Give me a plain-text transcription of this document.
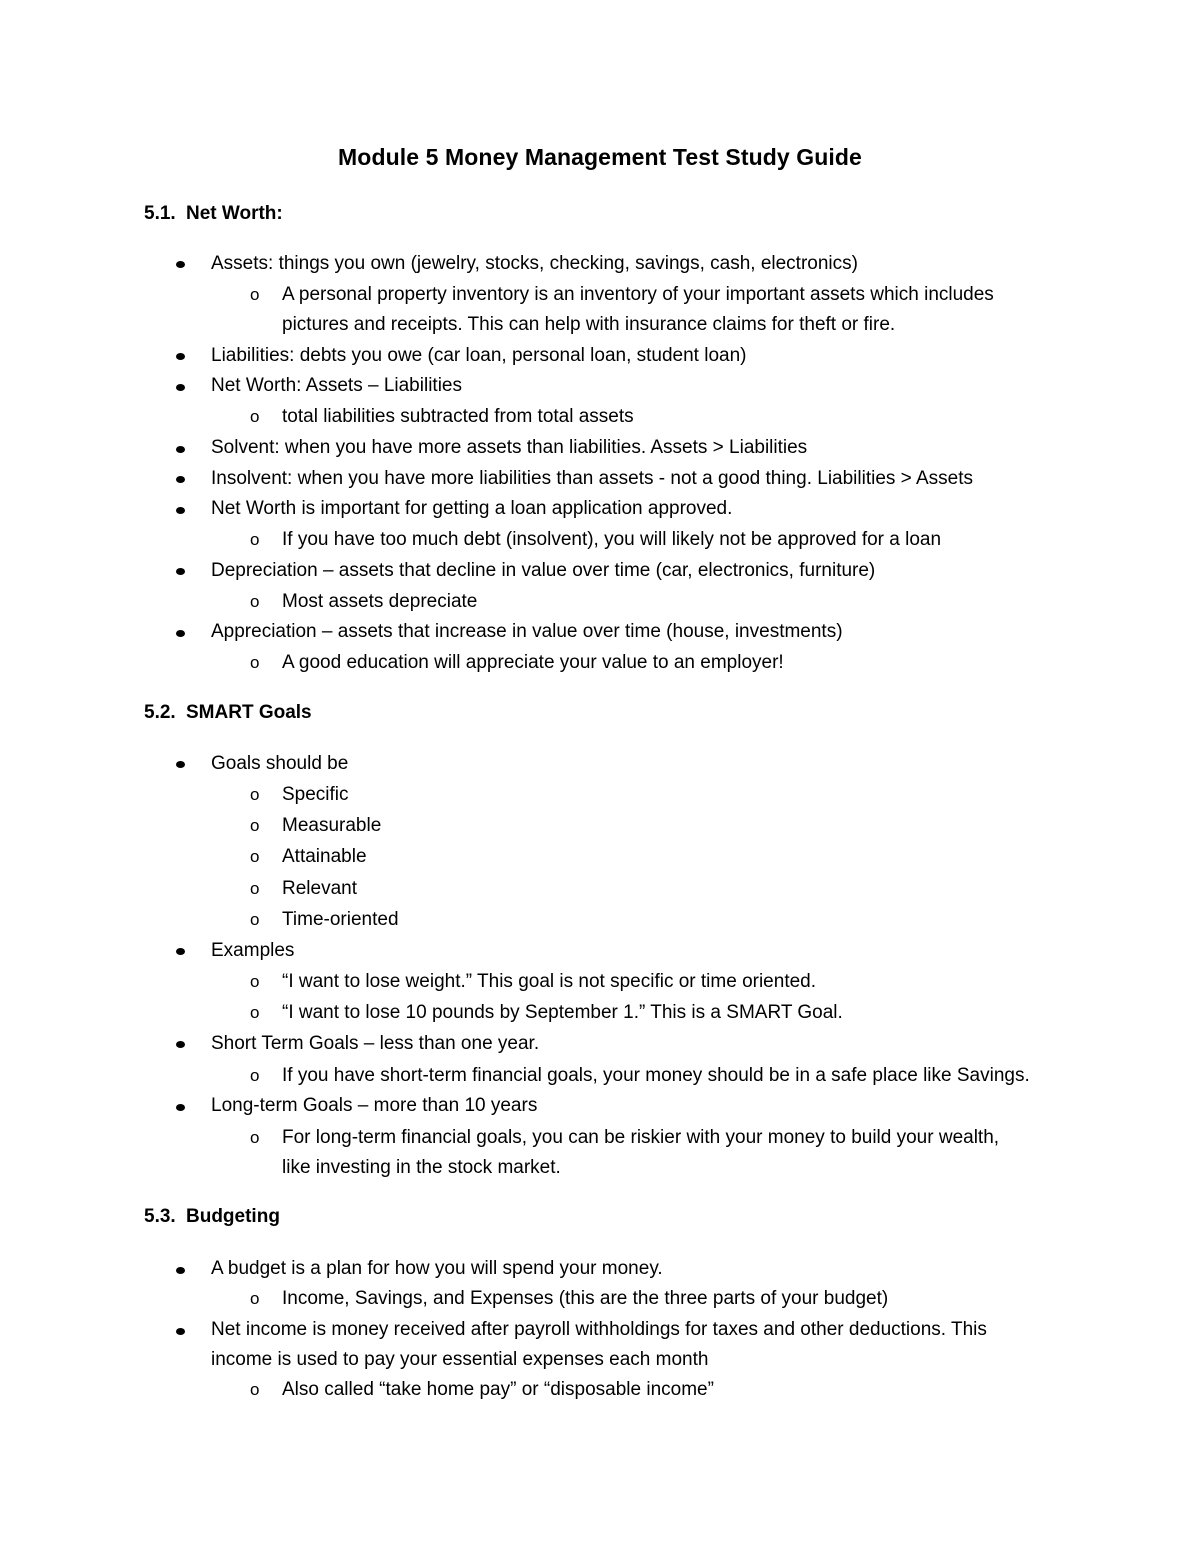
Module 5 Money Management Test Study Guide
5.1. Net Worth:
Assets: things you own (jewelry, stocks, checking, savings, cash, electronics)
o A personal property inventory is an inventory of your important assets which includes
pictures and receipts. This can help with insurance claims for theft or fire.
Liabilities: debts you owe (car loan, personal loan, student loan)
Net Worth: Assets – Liabilities
o total liabilities subtracted from total assets
Solvent: when you have more assets than liabilities. Assets > Liabilities
Insolvent: when you have more liabilities than assets - not a good thing. Liabilities > Assets
Net Worth is important for getting a loan application approved.
o If you have too much debt (insolvent), you will likely not be approved for a loan
Depreciation – assets that decline in value over time (car, electronics, furniture)
o Most assets depreciate
Appreciation – assets that increase in value over time (house, investments)
o A good education will appreciate your value to an employer!
5.2. SMART Goals
Goals should be
o Specific
o Measurable
o Attainable
o Relevant
o Time-oriented
Examples
o “I want to lose weight.” This goal is not specific or time oriented.
o “I want to lose 10 pounds by September 1.” This is a SMART Goal.
Short Term Goals – less than one year.
o If you have short-term financial goals, your money should be in a safe place like Savings.
Long-term Goals – more than 10 years
o For long-term financial goals, you can be riskier with your money to build your wealth,
like investing in the stock market.
5.3. Budgeting
A budget is a plan for how you will spend your money.
o Income, Savings, and Expenses (this are the three parts of your budget)
Net income is money received after payroll withholdings for taxes and other deductions. This
income is used to pay your essential expenses each month
o Also called “take home pay” or “disposable income”
